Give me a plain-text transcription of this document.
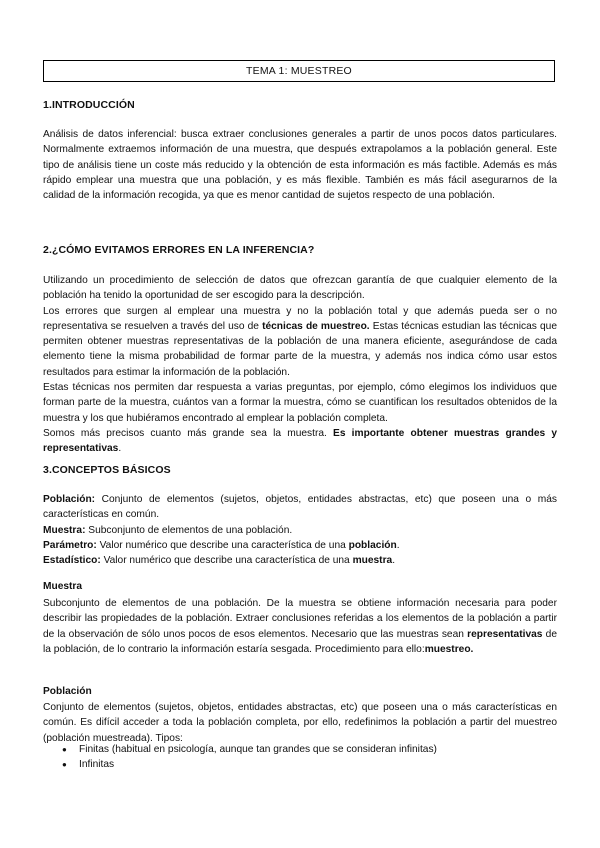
TEMA 1: MUESTREO
1.INTRODUCCIÓN

Análisis de datos inferencial: busca extraer conclusiones generales a partir de unos pocos datos particulares. Normalmente extraemos información de una muestra, que después extrapolamos a la población general. Este tipo de análisis tiene un coste más reducido y la obtención de esta información es más factible. Además es más rápido emplear una muestra que una población, y es más flexible. También es más fácil asegurarnos de la calidad de la información recogida, ya que es menor cantidad de sujetos respecto de una población.

2.¿CÓMO EVITAMOS ERRORES EN LA INFERENCIA?

Utilizando un procedimiento de selección de datos que ofrezcan garantía de que cualquier elemento de la población ha tenido la oportunidad de ser escogido para la descripción.
Los errores que surgen al emplear una muestra y no la población total y que además pueda ser o no representativa se resuelven a través del uso de técnicas de muestreo. Estas técnicas estudian las técnicas que permiten obtener muestras representativas de la población de una manera eficiente, asegurándose de cada elemento tiene la misma probabilidad de formar parte de la muestra, y además nos indica cómo usar estos resultados para estimar la información de la población.
Estas técnicas nos permiten dar respuesta a varias preguntas, por ejemplo, cómo elegimos los individuos que forman parte de la muestra, cuántos van a formar la muestra, cómo se cuantifican los resultados obtenidos de la muestra y los que hubiéramos encontrado al emplear la población completa.
Somos más precisos cuanto más grande sea la muestra. Es importante obtener muestras grandes y representativas.

3.CONCEPTOS BÁSICOS

Población: Conjunto de elementos (sujetos, objetos, entidades abstractas, etc) que poseen una o más características en común.
Muestra: Subconjunto de elementos de una población.
Parámetro: Valor numérico que describe una característica de una población.
Estadístico: Valor numérico que describe una característica de una muestra.

Muestra

Subconjunto de elementos de una población. De la muestra se obtiene información necesaria para poder describir las propiedades de la población. Extraer conclusiones referidas a los elementos de la población a partir de la observación de sólo unos pocos de esos elementos. Necesario que las muestras sean representativas de la población, de lo contrario la información estaría sesgada. Procedimiento para ello:muestreo.

Población

Conjunto de elementos (sujetos, objetos, entidades abstractas, etc) que poseen una o más características en común. Es difícil acceder a toda la población completa, por ello, redefinimos la población a partir del muestreo (población muestreada). Tipos:

● Finitas (habitual en psicología, aunque tan grandes que se consideran infinitas)
● Infinitas
